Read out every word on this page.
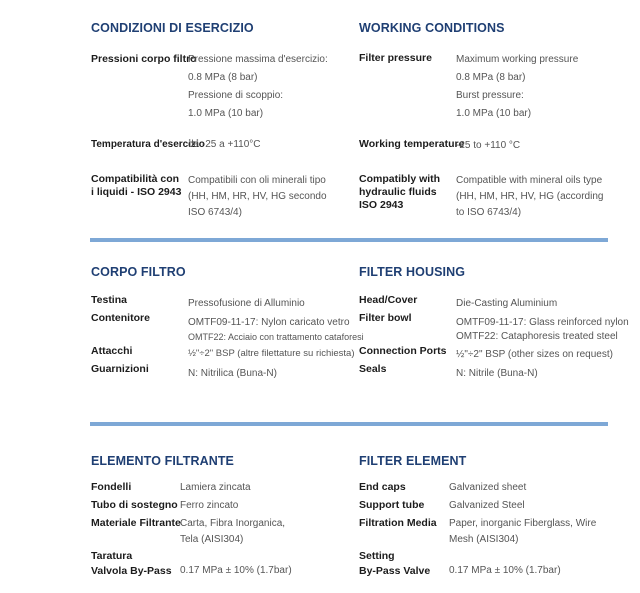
CONDIZIONI DI ESERCIZIO	WORKING CONDITIONS
Pressioni corpo filtro
Pressione massima d'esercizio:
0.8 MPa (8 bar)
Pressione di scoppio:
1.0 MPa (10 bar)
Temperatura d'esercizio
da -25 a +110°C
Compatibilità con
i liquidi - ISO 2943
Compatibili con oli minerali tipo
(HH, HM, HR, HV, HG secondo
ISO 6743/4)
Filter pressure Maximum working pressure
0.8 MPa (8 bar)
Burst pressure:
1.0 MPa (10 bar)
Working temperature
-25 to +110 °C
Compatibly with
hydraulic fluids
ISO 2943
Compatible with mineral oils type
(HH, HM, HR, HV, HG (according
to ISO 6743/4)
CORPO FILTRO	FILTER HOUSING
Testina	Pressofusione di Alluminio
Contenitore	OMTF09-11-17: Nylon caricato vetro
OMTF22: Acciaio con trattamento cataforesi
Attacchi	½"÷2" BSP (altre filettature su richiesta)
Guarnizioni	N: Nitrilica (Buna-N)
Head/Cover	Die-Casting Aluminium
Filter bowl	OMTF09-11-17: Glass reinforced nylon
OMTF22: Cataphoresis treated steel
Connection Ports ½"÷2" BSP (other sizes on request)
Seals	N: Nitrile (Buna-N)
ELEMENTO FILTRANTE	FILTER ELEMENT
Fondelli	Lamiera zincata
Tubo di sostegno Ferro zincato
Materiale Filtrante Carta, Fibra Inorganica,
Tela (AISI304)
Taratura
Valvola By-Pass 0.17 MPa ± 10% (1.7bar)
End caps	Galvanized sheet
Support tube Galvanized Steel
Filtration Media Paper, inorganic Fiberglass, Wire
Mesh (AISI304)
Setting
By-Pass Valve 0.17 MPa ± 10% (1.7bar)
